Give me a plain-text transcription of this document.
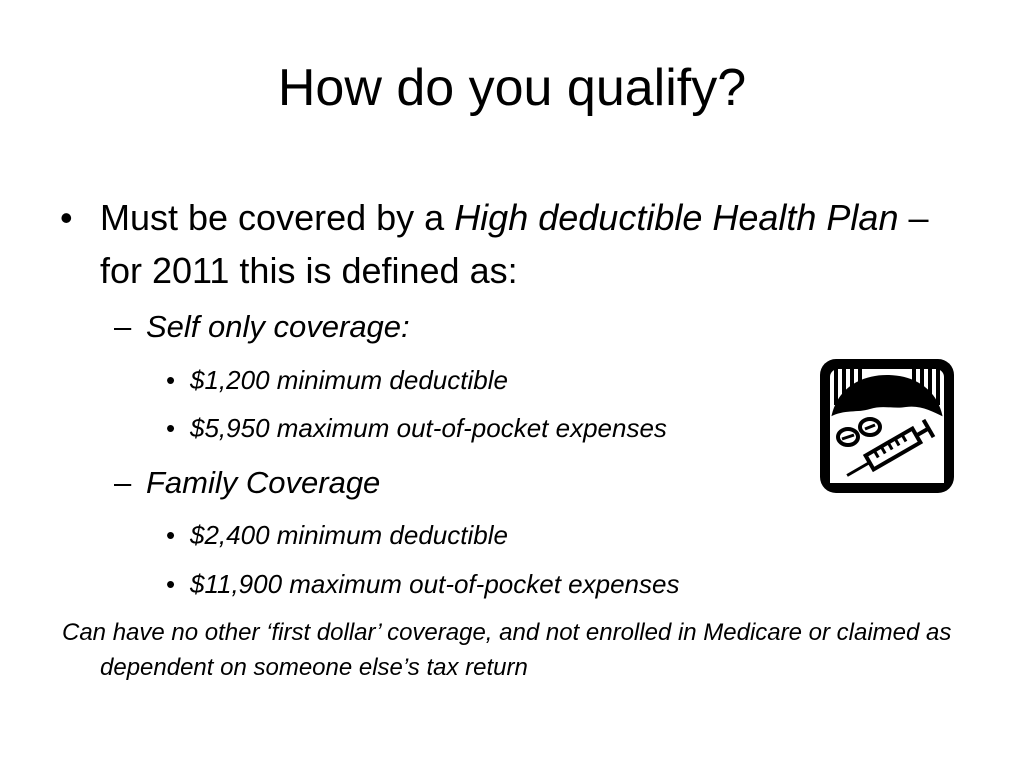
How do you qualify?
• Must be covered by a High deductible Health Plan – for 2011 this is defined as:
– Self only coverage:
• $1,200 minimum deductible
• $5,950 maximum out-of-pocket expenses
– Family Coverage
• $2,400 minimum deductible
• $11,900 maximum out-of-pocket expenses
Can have no other ‘first dollar’ coverage, and not enrolled in Medicare or claimed as dependent on someone else’s tax return
